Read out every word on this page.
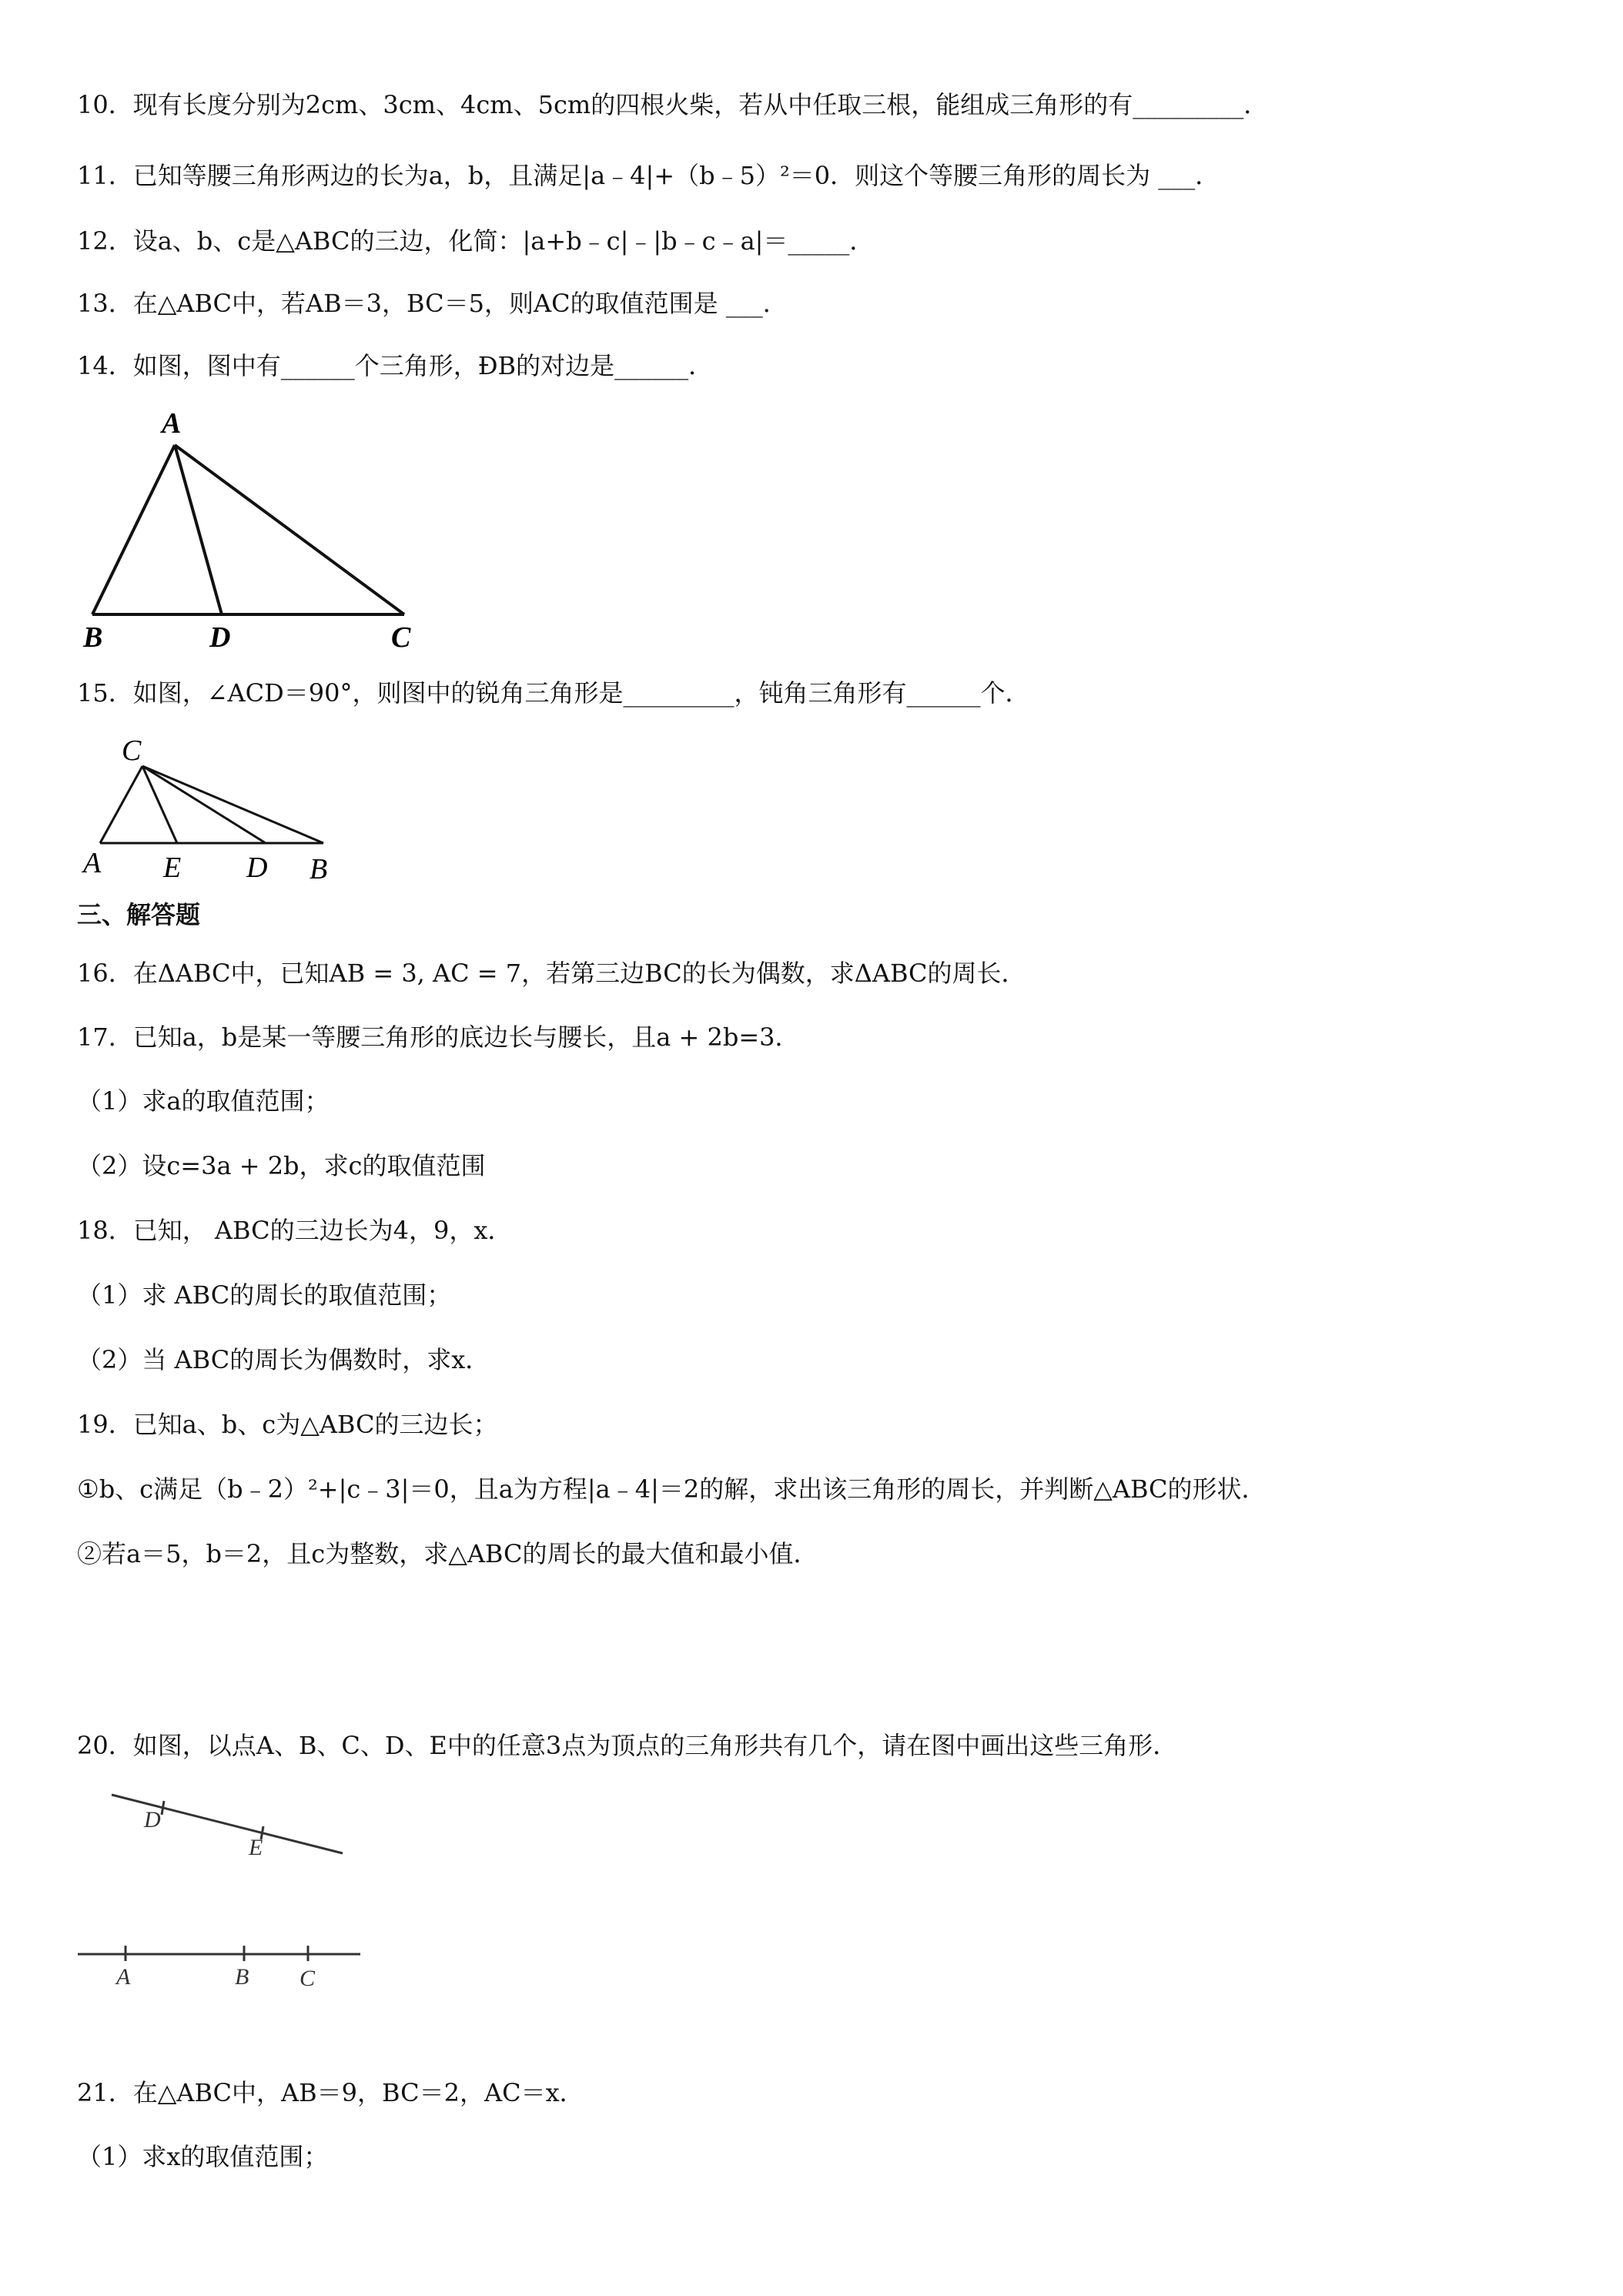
10．现有长度分别为2cm、3cm、4cm、5cm的四根火柴，若从中任取三根，能组成三角形的有_________．
11．已知等腰三角形两边的长为a，b，且满足|a﹣4|+（b﹣5）²＝0．则这个等腰三角形的周长为 ___．
12．设a、b、c是△ABC的三边，化简：|a+b﹣c|﹣|b﹣c﹣a|＝_____．
13．在△ABC中，若AB＝3，BC＝5，则AC的取值范围是 ___．
14．如图，图中有______个三角形，ÐB的对边是______．
A
B	D	C
15．如图，∠ACD＝90°，则图中的锐角三角形是_________，钝角三角形有______个．
C
A E D B
三、解答题
16．在ΔABC中，已知AB = 3, AC = 7，若第三边BC的长为偶数，求ΔABC的周长．
17．已知a，b是某一等腰三角形的底边长与腰长，且a + 2b=3．
（1）求a的取值范围；
（2）设c=3a + 2b，求c的取值范围
18．已知， ABC的三边长为4，9，x．
（1）求 ABC的周长的取值范围；
（2）当 ABC的周长为偶数时，求x．
19．已知a、b、c为△ABC的三边长；
①b、c满足（b﹣2）²+|c﹣3|＝0，且a为方程|a﹣4|＝2的解，求出该三角形的周长，并判断△ABC的形状．
②若a＝5，b＝2，且c为整数，求△ABC的周长的最大值和最小值．
20．如图，以点A、B、C、D、E中的任意3点为顶点的三角形共有几个，请在图中画出这些三角形．
D
E
A	B C
21．在△ABC中，AB＝9，BC＝2，AC＝x．
（1）求x的取值范围；
